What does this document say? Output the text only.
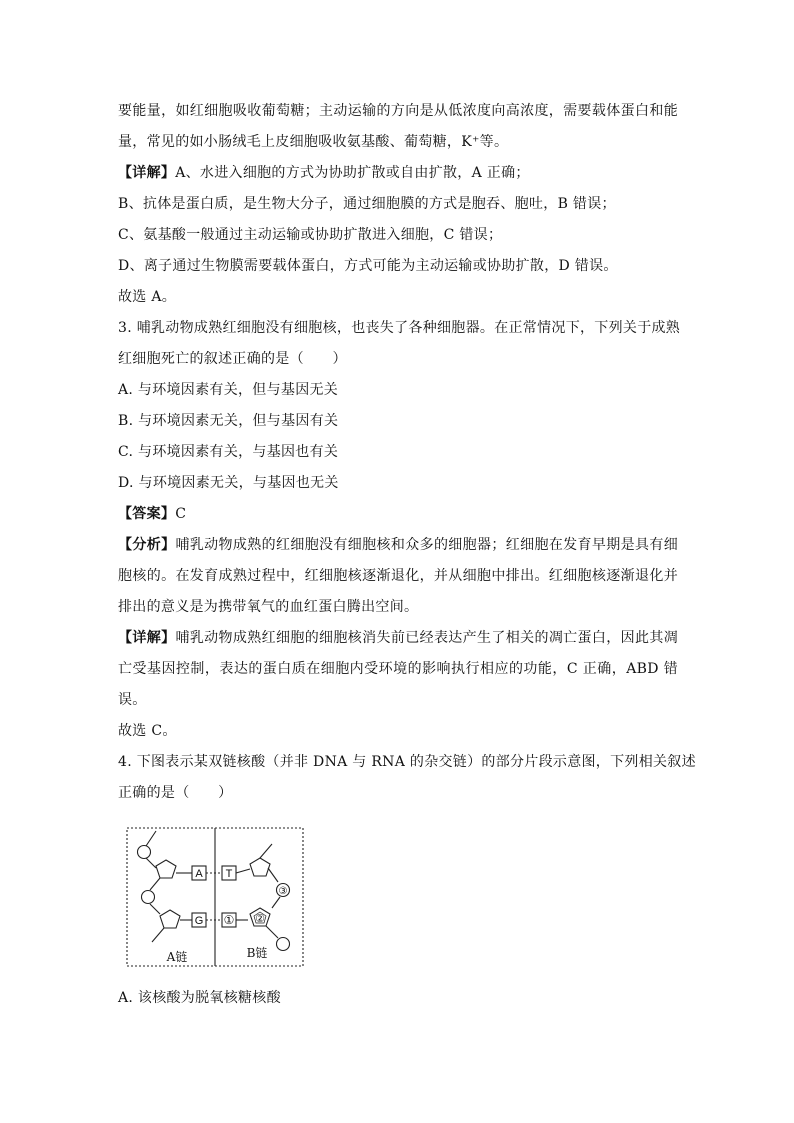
要能量，如红细胞吸收葡萄糖；主动运输的方向是从低浓度向高浓度，需要载体蛋白和能
量，常见的如小肠绒毛上皮细胞吸收氨基酸、葡萄糖，K⁺等。
【详解】A、水进入细胞的方式为协助扩散或自由扩散，A 正确；
B、抗体是蛋白质，是生物大分子，通过细胞膜的方式是胞吞、胞吐，B 错误；
C、氨基酸一般通过主动运输或协助扩散进入细胞，C 错误；
D、离子通过生物膜需要载体蛋白，方式可能为主动运输或协助扩散，D 错误。
故选 A。
3. 哺乳动物成熟红细胞没有细胞核，也丧失了各种细胞器。在正常情况下，下列关于成熟
红细胞死亡的叙述正确的是（　　）
A. 与环境因素有关，但与基因无关
B. 与环境因素无关，但与基因有关
C. 与环境因素有关，与基因也有关
D. 与环境因素无关，与基因也无关
【答案】C
【分析】哺乳动物成熟的红细胞没有细胞核和众多的细胞器；红细胞在发育早期是具有细
胞核的。在发育成熟过程中，红细胞核逐渐退化，并从细胞中排出。红细胞核逐渐退化并
排出的意义是为携带氧气的血红蛋白腾出空间。
【详解】哺乳动物成熟红细胞的细胞核消失前已经表达产生了相关的凋亡蛋白，因此其凋
亡受基因控制，表达的蛋白质在细胞内受环境的影响执行相应的功能，C 正确，ABD 错
误。
故选 C。
4. 下图表示某双链核酸（并非 DNA 与 RNA 的杂交链）的部分片段示意图，下列相关叙述
正确的是（　　）
A
G
T
① ②
③
A链	B链
A. 该核酸为脱氧核糖核酸
